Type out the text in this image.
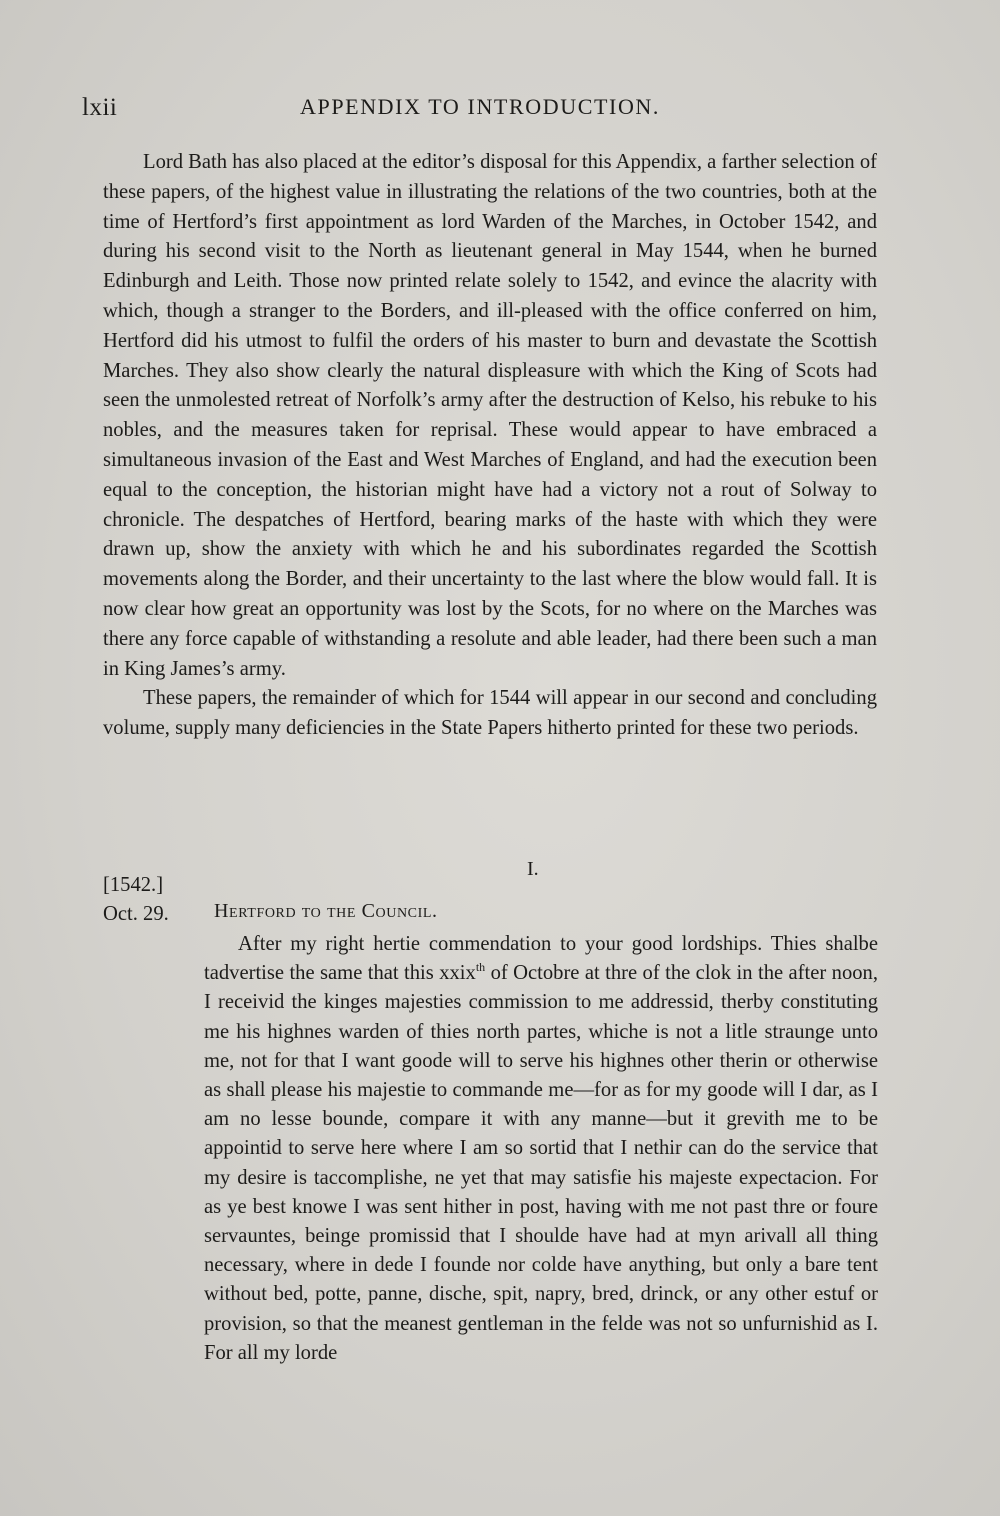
lxii	APPENDIX TO INTRODUCTION.

Lord Bath has also placed at the editor’s disposal for this Appendix, a farther selection of these papers, of the highest value in illustrating the relations of the two countries, both at the time of Hertford’s first appointment as lord Warden of the Marches, in October 1542, and during his second visit to the North as lieutenant general in May 1544, when he burned Edinburgh and Leith. Those now printed relate solely to 1542, and evince the alacrity with which, though a stranger to the Borders, and ill-pleased with the office conferred on him, Hertford did his utmost to fulfil the orders of his master to burn and devastate the Scottish Marches. They also show clearly the natural displeasure with which the King of Scots had seen the unmolested retreat of Norfolk’s army after the destruction of Kelso, his rebuke to his nobles, and the measures taken for reprisal. These would appear to have embraced a simultaneous invasion of the East and West Marches of England, and had the execution been equal to the conception, the historian might have had a victory not a rout of Solway to chronicle. The despatches of Hertford, bearing marks of the haste with which they were drawn up, show the anxiety with which he and his subordinates regarded the Scottish movements along the Border, and their uncertainty to the last where the blow would fall. It is now clear how great an opportunity was lost by the Scots, for no where on the Marches was there any force capable of withstanding a resolute and able leader, had there been such a man in King James’s army.

These papers, the remainder of which for 1544 will appear in our second and concluding volume, supply many deficiencies in the State Papers hitherto printed for these two periods.

I.
[1542.]
Oct. 29. Hertford to the Council.

After my right hertie commendation to your good lordships. Thies shalbe tadvertise the same that this xxix$^{th}$ of Octobre at thre of the clok in the after noon, I receivid the kinges majesties commission to me addressid, therby constituting me his highnes warden of thies north partes, whiche is not a litle straunge unto me, not for that I want goode will to serve his highnes other therin or otherwise as shall please his majestie to commande me—for as for my goode will I dar, as I am no lesse bounde, compare it with any manne—but it grevith me to be appointid to serve here where I am so sortid that I nethir can do the service that my desire is taccomplishe, ne yet that may satisfie his majeste expectacion. For as ye best knowe I was sent hither in post, having with me not past thre or foure servauntes, beinge promissid that I shoulde have had at myn arivall all thing necessary, where in dede I founde nor colde have anything, but only a bare tent without bed, potte, panne, dische, spit, napry, bred, drinck, or any other estuf or provision, so that the meanest gentleman in the felde was not so unfurnishid as I. For all my lorde
